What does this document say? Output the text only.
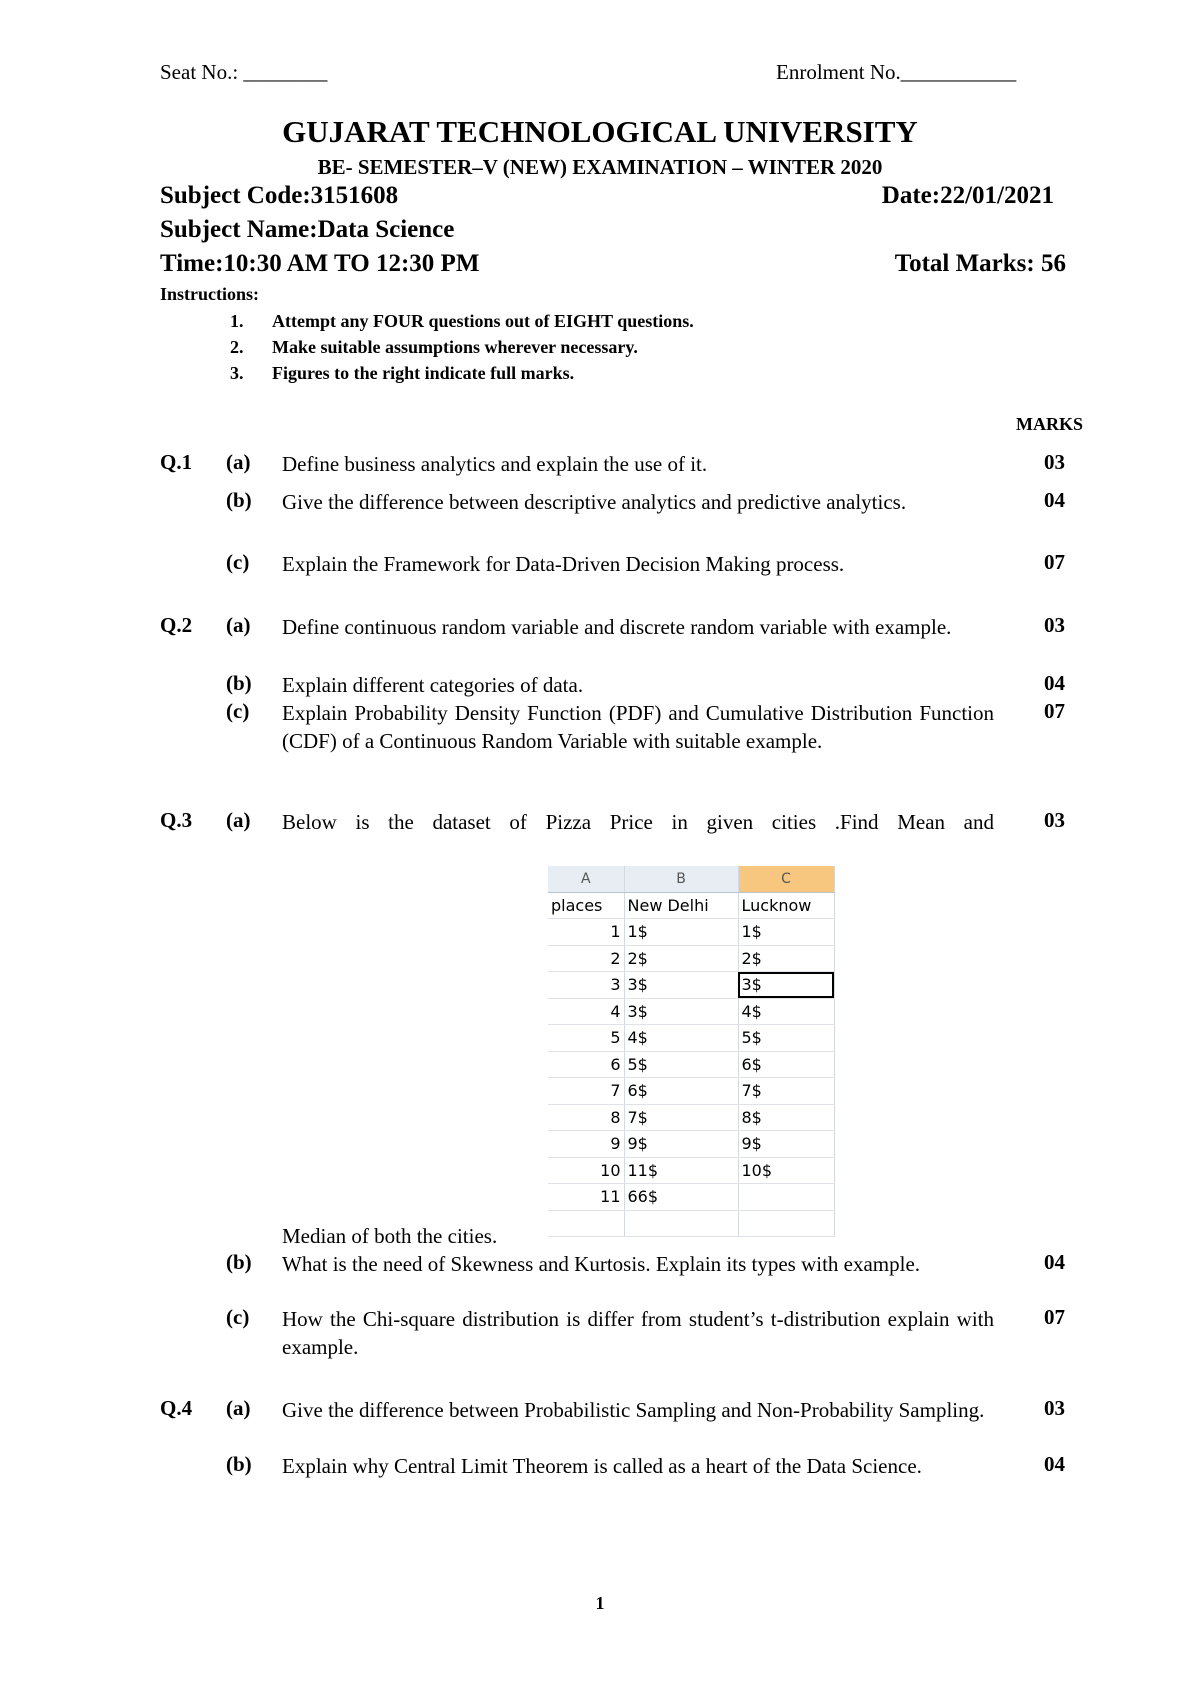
Seat No.: ________	Enrolment No.___________
GUJARAT TECHNOLOGICAL UNIVERSITY
BE- SEMESTER–V (NEW) EXAMINATION – WINTER 2020
Subject Code:3151608	Date:22/01/2021
Subject Name:Data Science
Time:10:30 AM TO 12:30 PM	Total Marks: 56
Instructions:
1. Attempt any FOUR questions out of EIGHT questions.
2. Make suitable assumptions wherever necessary.
3. Figures to the right indicate full marks.
MARKS
Q.1 (a) Define business analytics and explain the use of it.	03
(b) Give the difference between descriptive analytics and predictive analytics.	04
(c) Explain the Framework for Data-Driven Decision Making process.	07
Q.2 (a) Define continuous random variable and discrete random variable with example.	03
(b) Explain different categories of data.	04
(c) Explain Probability Density Function (PDF) and Cumulative Distribution Function (CDF) of a Continuous Random Variable with suitable example.
07
Q.3 (a) Below is the dataset of Pizza Price in given cities .Find Mean and 03
A	B	C
places	New Delhi	Lucknow
1	1$	1$
2	2$	2$
3	3$	3$
4	3$	4$
5	4$	5$
6	5$	6$
7	6$	7$
8	7$	8$
9	9$	9$
10	11$	10$
11	66$	

Median of both the cities.
(b) What is the need of Skewness and Kurtosis. Explain its types with example.	04
(c) How the Chi-square distribution is differ from student’s t-distribution explain with example.
07
Q.4 (a) Give the difference between Probabilistic Sampling and Non-Probability Sampling.	03
(b) Explain why Central Limit Theorem is called as a heart of the Data Science.	04
1
